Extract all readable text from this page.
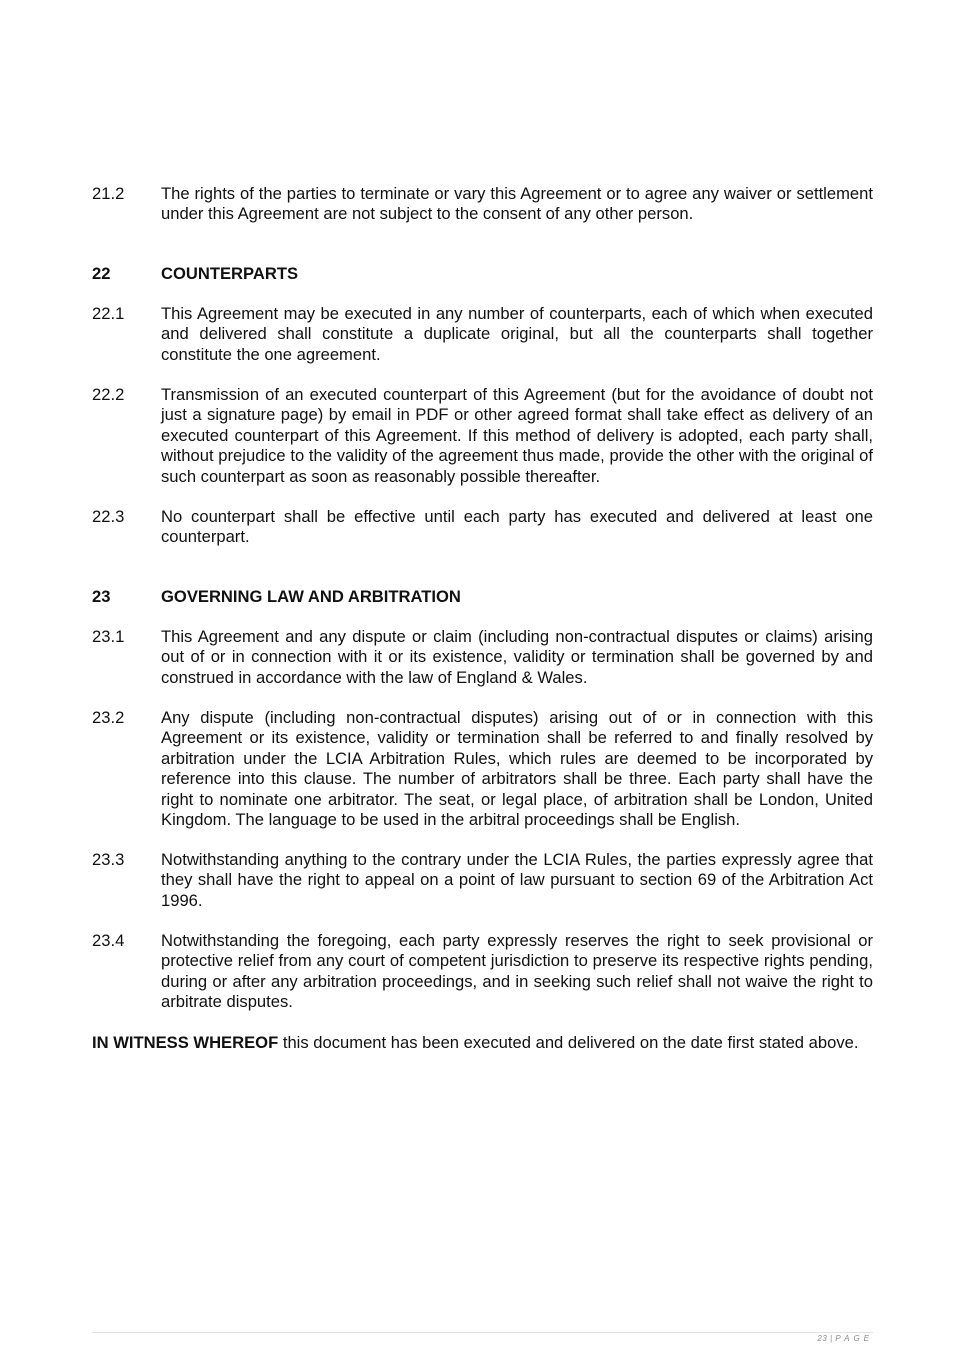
21.2	The rights of the parties to terminate or vary this Agreement or to agree any waiver or settlement under this Agreement are not subject to the consent of any other person.
22	COUNTERPARTS
22.1	This Agreement may be executed in any number of counterparts, each of which when executed and delivered shall constitute a duplicate original, but all the counterparts shall together constitute the one agreement.
22.2	Transmission of an executed counterpart of this Agreement (but for the avoidance of doubt not just a signature page) by email in PDF or other agreed format shall take effect as delivery of an executed counterpart of this Agreement. If this method of delivery is adopted, each party shall, without prejudice to the validity of the agreement thus made, provide the other with the original of such counterpart as soon as reasonably possible thereafter.
22.3	No counterpart shall be effective until each party has executed and delivered at least one counterpart.
23	GOVERNING LAW AND ARBITRATION
23.1	This Agreement and any dispute or claim (including non-contractual disputes or claims) arising out of or in connection with it or its existence, validity or termination shall be governed by and construed in accordance with the law of England & Wales.
23.2	Any dispute (including non-contractual disputes) arising out of or in connection with this Agreement or its existence, validity or termination shall be referred to and finally resolved by arbitration under the LCIA Arbitration Rules, which rules are deemed to be incorporated by reference into this clause. The number of arbitrators shall be three. Each party shall have the right to nominate one arbitrator. The seat, or legal place, of arbitration shall be London, United Kingdom. The language to be used in the arbitral proceedings shall be English.
23.3	Notwithstanding anything to the contrary under the LCIA Rules, the parties expressly agree that they shall have the right to appeal on a point of law pursuant to section 69 of the Arbitration Act 1996.
23.4	Notwithstanding the foregoing, each party expressly reserves the right to seek provisional or protective relief from any court of competent jurisdiction to preserve its respective rights pending, during or after any arbitration proceedings, and in seeking such relief shall not waive the right to arbitrate disputes.
IN WITNESS WHEREOF this document has been executed and delivered on the date first stated above.
23 | PAGE
